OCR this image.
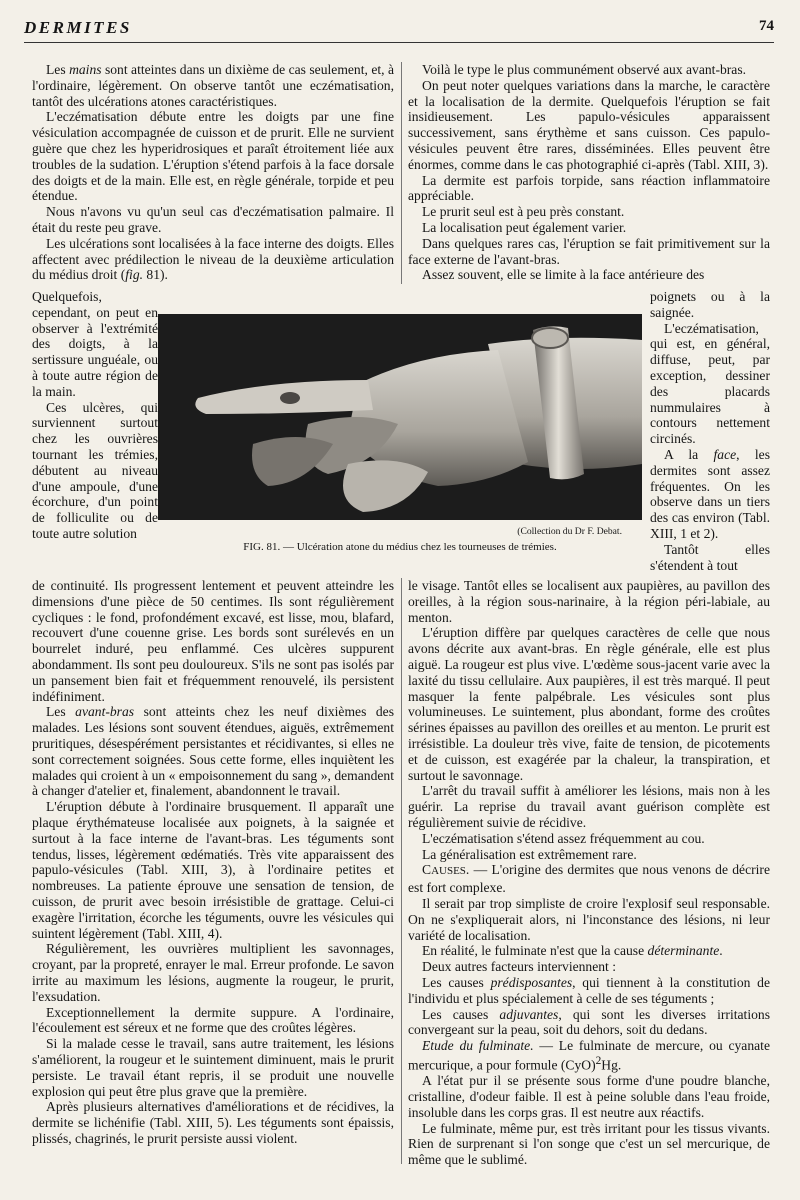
DERMITES	74

Les mains sont atteintes dans un dixième de cas seulement, et, à l'ordinaire, légèrement. On observe tantôt une eczématisation, tantôt des ulcérations atones caractéristiques.

L'eczématisation débute entre les doigts par une fine vésiculation accompagnée de cuisson et de prurit. Elle ne survient guère que chez les hyperidrosiques et paraît étroitement liée aux troubles de la sudation. L'éruption s'étend parfois à la face dorsale des doigts et de la main. Elle est, en règle générale, torpide et peu étendue.

Nous n'avons vu qu'un seul cas d'eczématisation palmaire. Il était du reste peu grave.

Les ulcérations sont localisées à la face interne des doigts. Elles affectent avec prédilection le niveau de la deuxième articulation du médius droit (fig. 81).

Voilà le type le plus communément observé aux avant-bras.

On peut noter quelques variations dans la marche, le caractère et la localisation de la dermite. Quelquefois l'éruption se fait insidieusement. Les papulo-vésicules apparaissent successivement, sans érythème et sans cuisson. Ces papulo-vésicules peuvent être rares, disséminées. Elles peuvent être énormes, comme dans le cas photographié ci-après (Tabl. XIII, 3).

La dermite est parfois torpide, sans réaction inflammatoire appréciable.

Le prurit seul est à peu près constant.

La localisation peut également varier.

Dans quelques rares cas, l'éruption se fait primitivement sur la face externe de l'avant-bras.

Assez souvent, elle se limite à la face antérieure des

Quelquefois, cependant, on peut en observer à l'extrémité des doigts, à la sertissure unguéale, ou à toute autre région de la main.

Ces ulcères, qui surviennent surtout chez les ouvrières tournant les trémies, débutent au niveau d'une ampoule, d'une écorchure, d'un point de folliculite ou de toute autre solution

poignets ou à la saignée.

L'eczématisation, qui est, en général, diffuse, peut, par exception, dessiner des placards nummulaires à contours nettement circinés.

A la face, les dermites sont assez fréquentes. On les observe dans un tiers des cas environ (Tabl. XIII, 1 et 2).

Tantôt elles s'étendent à tout

(Collection du Dr F. Debat.
FIG. 81. — Ulcération atone du médius chez les tourneuses de trémies.

de continuité. Ils progressent lentement et peuvent atteindre les dimensions d'une pièce de 50 centimes. Ils sont régulièrement cycliques : le fond, profondément excavé, est lisse, mou, blafard, recouvert d'une couenne grise. Les bords sont surélevés en un bourrelet induré, peu enflammé. Ces ulcères suppurent abondamment. Ils sont peu douloureux. S'ils ne sont pas isolés par un pansement bien fait et fréquemment renouvelé, ils persistent indéfiniment.

Les avant-bras sont atteints chez les neuf dixièmes des malades. Les lésions sont souvent étendues, aiguës, extrêmement pruritiques, désespérément persistantes et récidivantes, si elles ne sont correctement soignées. Sous cette forme, elles inquiètent les malades qui croient à un « empoisonnement du sang », demandent à changer d'atelier et, finalement, abandonnent le travail.

L'éruption débute à l'ordinaire brusquement. Il apparaît une plaque érythémateuse localisée aux poignets, à la saignée et surtout à la face interne de l'avant-bras. Les téguments sont tendus, lisses, légèrement œdématiés. Très vite apparaissent des papulo-vésicules (Tabl. XIII, 3), à l'ordinaire petites et nombreuses. La patiente éprouve une sensation de tension, de cuisson, de prurit avec besoin irrésistible de grattage. Celui-ci exagère l'irritation, écorche les téguments, ouvre les vésicules qui suintent légèrement (Tabl. XIII, 4).

Régulièrement, les ouvrières multiplient les savonnages, croyant, par la propreté, enrayer le mal. Erreur profonde. Le savon irrite au maximum les lésions, augmente la rougeur, le prurit, l'exsudation.

Exceptionnellement la dermite suppure. A l'ordinaire, l'écoulement est séreux et ne forme que des croûtes légères.

Si la malade cesse le travail, sans autre traitement, les lésions s'améliorent, la rougeur et le suintement diminuent, mais le prurit persiste. Le travail étant repris, il se produit une nouvelle explosion qui peut être plus grave que la première.

Après plusieurs alternatives d'améliorations et de récidives, la dermite se lichénifie (Tabl. XIII, 5). Les téguments sont épaissis, plissés, chagrinés, le prurit persiste aussi violent.

le visage. Tantôt elles se localisent aux paupières, au pavillon des oreilles, à la région sous-narinaire, à la région péri-labiale, au menton.

L'éruption diffère par quelques caractères de celle que nous avons décrite aux avant-bras. En règle générale, elle est plus aiguë. La rougeur est plus vive. L'œdème sous-jacent varie avec la laxité du tissu cellulaire. Aux paupières, il est très marqué. Il peut masquer la fente palpébrale. Les vésicules sont plus volumineuses. Le suintement, plus abondant, forme des croûtes sérines épaisses au pavillon des oreilles et au menton. Le prurit est irrésistible. La douleur très vive, faite de tension, de picotements et de cuisson, est exagérée par la chaleur, la transpiration, et surtout le savonnage.

L'arrêt du travail suffit à améliorer les lésions, mais non à les guérir. La reprise du travail avant guérison complète est régulièrement suivie de récidive.

L'eczématisation s'étend assez fréquemment au cou.

La généralisation est extrêmement rare.

CAUSES. — L'origine des dermites que nous venons de décrire est fort complexe.

Il serait par trop simpliste de croire l'explosif seul responsable. On ne s'expliquerait alors, ni l'inconstance des lésions, ni leur variété de localisation.

En réalité, le fulminate n'est que la cause déterminante.

Deux autres facteurs interviennent :

Les causes prédisposantes, qui tiennent à la constitution de l'individu et plus spécialement à celle de ses téguments ;

Les causes adjuvantes, qui sont les diverses irritations convergeant sur la peau, soit du dehors, soit du dedans.

Etude du fulminate. — Le fulminate de mercure, ou cyanate mercurique, a pour formule (CyO)$^2$Hg.

A l'état pur il se présente sous forme d'une poudre blanche, cristalline, d'odeur faible. Il est à peine soluble dans l'eau froide, insoluble dans les corps gras. Il est neutre aux réactifs.

Le fulminate, même pur, est très irritant pour les tissus vivants. Rien de surprenant si l'on songe que c'est un sel mercurique, de même que le sublimé.
